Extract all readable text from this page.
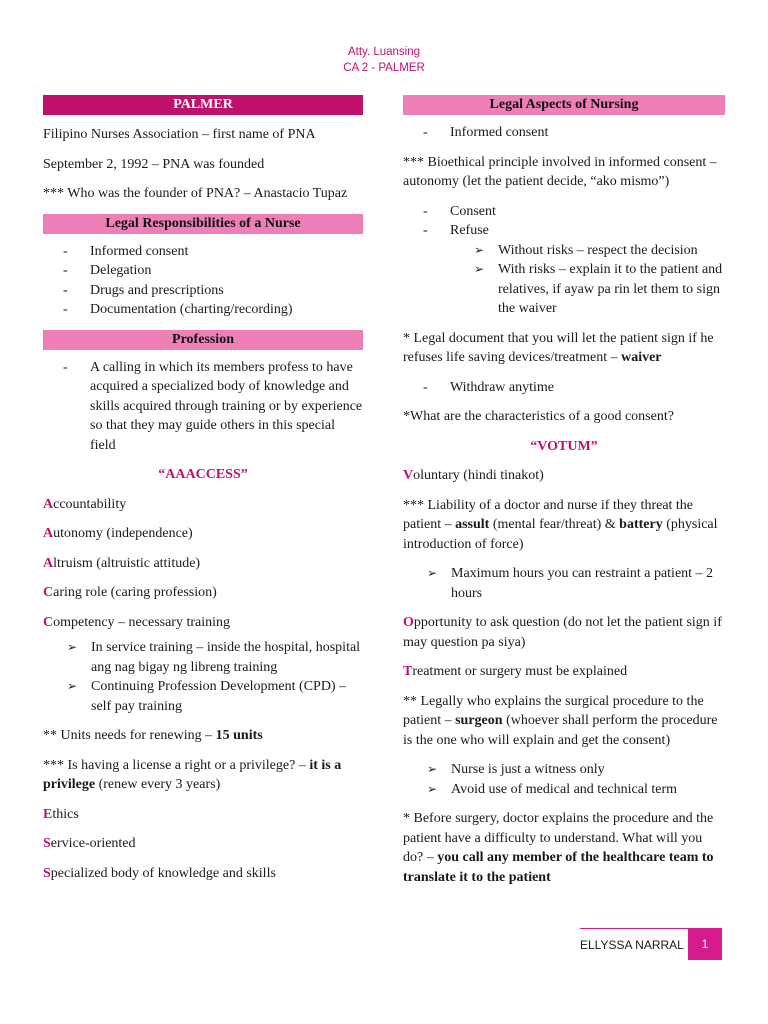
Atty. Luansing
CA 2 - PALMER
PALMER

Filipino Nurses Association – first name of PNA

September 2, 1992 – PNA was founded

*** Who was the founder of PNA? – Anastacio Tupaz

Legal Responsibilities of a Nurse

- Informed consent

- Delegation

- Drugs and prescriptions

- Documentation (charting/recording)

Profession

- A calling in which its members profess to have acquired a specialized body of knowledge and skills acquired through training or by experience so that they may guide others in this special field

“AAACCESS”

Accountability

Autonomy (independence)

Altruism (altruistic attitude)

Caring role (caring profession)

Competency – necessary training

➢ In service training – inside the hospital, hospital ang nag bigay ng libreng training

➢ Continuing Profession Development (CPD) – self pay training

** Units needs for renewing – 15 units

*** Is having a license a right or a privilege? – it is a privilege (renew every 3 years)

Ethics

Service-oriented

Specialized body of knowledge and skills

Legal Aspects of Nursing

- Informed consent

*** Bioethical principle involved in informed consent – autonomy (let the patient decide, “ako mismo”)

- Consent

- Refuse

➢ Without risks – respect the decision

➢ With risks – explain it to the patient and relatives, if ayaw pa rin let them to sign the waiver

* Legal document that you will let the patient sign if he refuses life saving devices/treatment – waiver

- Withdraw anytime

*What are the characteristics of a good consent?

“VOTUM”

Voluntary (hindi tinakot)

*** Liability of a doctor and nurse if they threat the patient – assult (mental fear/threat) & battery (physical introduction of force)

➢ Maximum hours you can restraint a patient – 2 hours

Opportunity to ask question (do not let the patient sign if may question pa siya)

Treatment or surgery must be explained

** Legally who explains the surgical procedure to the patient – surgeon (whoever shall perform the procedure is the one who will explain and get the consent)

➢ Nurse is just a witness only

➢ Avoid use of medical and technical term

* Before surgery, doctor explains the procedure and the patient have a difficulty to understand. What will you do? – you call any member of the healthcare team to translate it to the patient

ELLYSSA NARRAL	1
